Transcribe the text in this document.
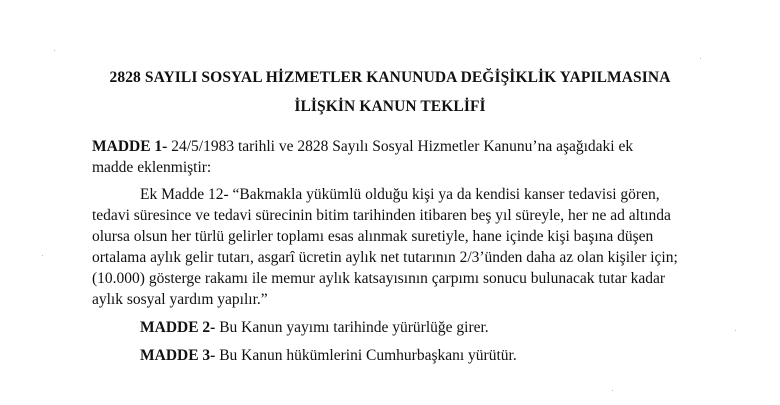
2828 SAYILI SOSYAL HİZMETLER KANUNUDA DEĞİŞİKLİK YAPILMASINA
İLİŞKİN KANUN TEKLİFİ
MADDE 1- 24/5/1983 tarihli ve 2828 Sayılı Sosyal Hizmetler Kanunu’na aşağıdaki ek
madde eklenmiştir:
Ek Madde 12- “Bakmakla yükümlü olduğu kişi ya da kendisi kanser tedavisi gören,
tedavi süresince ve tedavi sürecinin bitim tarihinden itibaren beş yıl süreyle, her ne ad altında
olursa olsun her türlü gelirler toplamı esas alınmak suretiyle, hane içinde kişi başına düşen
ortalama aylık gelir tutarı, asgarî ücretin aylık net tutarının 2/3’ünden daha az olan kişiler için;
(10.000) gösterge rakamı ile memur aylık katsayısının çarpımı sonucu bulunacak tutar kadar
aylık sosyal yardım yapılır.”
MADDE 2- Bu Kanun yayımı tarihinde yürürlüğe girer.
MADDE 3- Bu Kanun hükümlerini Cumhurbaşkanı yürütür.
